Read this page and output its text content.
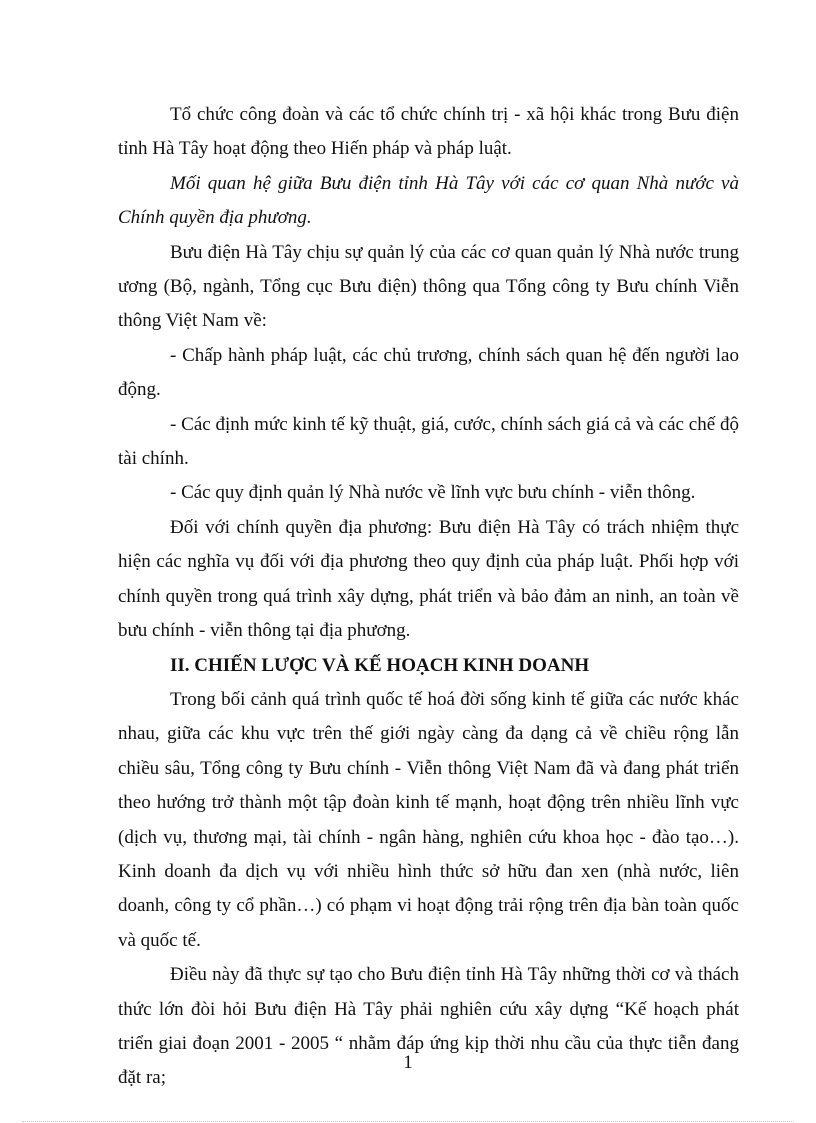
Tổ chức công đoàn và các tổ chức chính trị - xã hội khác trong Bưu điện tỉnh Hà Tây hoạt động theo Hiến pháp và pháp luật.

Mối quan hệ giữa Bưu điện tỉnh Hà Tây với các cơ quan Nhà nước và Chính quyền địa phương.

Bưu điện Hà Tây chịu sự quản lý của các cơ quan quản lý Nhà nước trung ương (Bộ, ngành, Tổng cục Bưu điện) thông qua Tổng công ty Bưu chính Viễn thông Việt Nam về:

- Chấp hành pháp luật, các chủ trương, chính sách quan hệ đến người lao động.

- Các định mức kinh tế kỹ thuật, giá, cước, chính sách giá cả và các chế độ tài chính.

- Các quy định quản lý Nhà nước về lĩnh vực bưu chính - viễn thông.

Đối với chính quyền địa phương: Bưu điện Hà Tây có trách nhiệm thực hiện các nghĩa vụ đối với địa phương theo quy định của pháp luật. Phối hợp với chính quyền trong quá trình xây dựng, phát triển và bảo đảm an ninh, an toàn về bưu chính - viễn thông tại địa phương.

II. CHIẾN LƯỢC VÀ KẾ HOẠCH KINH DOANH

Trong bối cảnh quá trình quốc tế hoá đời sống kinh tế giữa các nước khác nhau, giữa các khu vực trên thế giới ngày càng đa dạng cả về chiều rộng lẫn chiều sâu, Tổng công ty Bưu chính - Viễn thông Việt Nam đã và đang phát triển theo hướng trở thành một tập đoàn kinh tế mạnh, hoạt động trên nhiều lĩnh vực (dịch vụ, thương mại, tài chính - ngân hàng, nghiên cứu khoa học - đào tạo…). Kinh doanh đa dịch vụ với nhiều hình thức sở hữu đan xen (nhà nước, liên doanh, công ty cổ phần…) có phạm vi hoạt động trải rộng trên địa bàn toàn quốc và quốc tế.

Điều này đã thực sự tạo cho Bưu điện tỉnh Hà Tây những thời cơ và thách thức lớn đòi hỏi Bưu điện Hà Tây phải nghiên cứu xây dựng “Kế hoạch phát triển giai đoạn 2001 - 2005 “ nhằm đáp ứng kịp thời nhu cầu của thực tiễn đang đặt ra;

1
